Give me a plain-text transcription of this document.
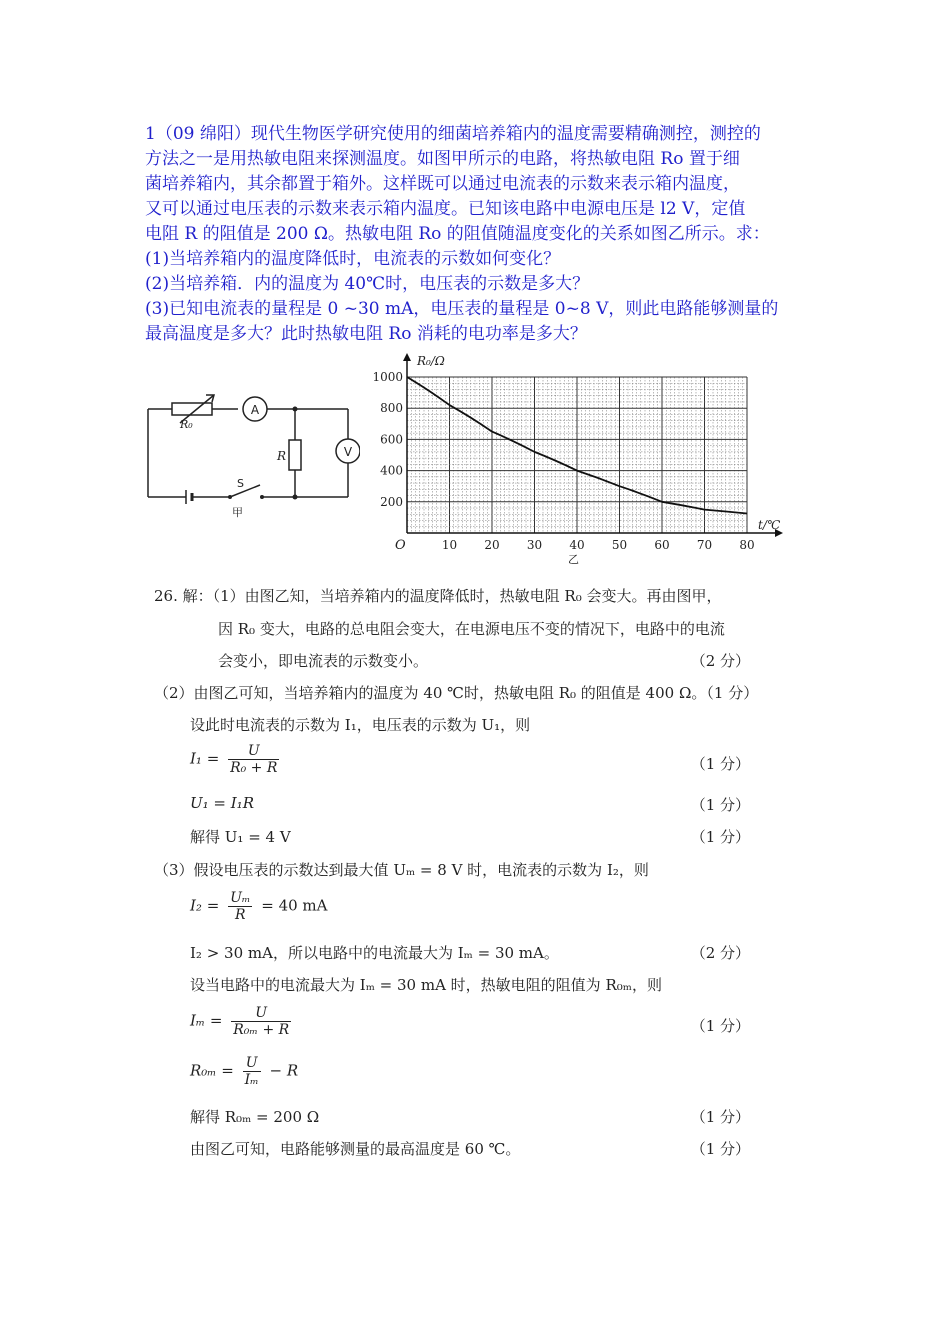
1（09 绵阳）现代生物医学研究使用的细菌培养箱内的温度需要精确测控，测控的
方法之一是用热敏电阻来探测温度。如图甲所示的电路，将热敏电阻 Ro 置于细
菌培养箱内，其余都置于箱外。这样既可以通过电流表的示数来表示箱内温度，
又可以通过电压表的示数来表示箱内温度。已知该电路中电源电压是 l2 V，定值
电阻 R 的阻值是 200 Ω。热敏电阻 Ro 的阻值随温度变化的关系如图乙所示。求：
(1)当培养箱内的温度降低时，电流表的示数如何变化？
(2)当培养箱．内的温度为 40℃时，电压表的示数是多大？
(3)已知电流表的量程是 0 ~30 mA，电压表的量程是 0~8 V，则此电路能够测量的
最高温度是多大？此时热敏电阻 Ro 消耗的电功率是多大？
R₀
A
V
R
S
甲
10 20 30 40 50 60 70 80
200
400
600
800
1000
R₀/Ω
t/℃
O
乙
26. 解：（1）由图乙知，当培养箱内的温度降低时，热敏电阻 R₀ 会变大。再由图甲，
因 R₀ 变大，电路的总电阻会变大，在电源电压不变的情况下，电路中的电流
会变小，即电流表的示数变小。	（2 分）
（2）由图乙可知，当培养箱内的温度为 40 ℃时，热敏电阻 R₀ 的阻值是 400 Ω。（1 分）
设此时电流表的示数为 I₁，电压表的示数为 U₁，则
$I_1 = \frac{U}{\text{R₀ + R}}$	（1 分）
U₁ = I₁R	（1 分）
解得 U₁ = 4 V	（1 分）
（3）假设电压表的示数达到最大值 Uₘ = 8 V 时，电流表的示数为 I₂，则
$I_2 = \frac{\text{Uₘ}}{R} = 40$ mA
I₂ > 30 mA，所以电路中的电流最大为 Iₘ = 30 mA。	（2 分）
设当电路中的电流最大为 Iₘ = 30 mA 时，热敏电阻的阻值为 R₀ₘ，则
$I_m = \frac{U}{\text{R₀ₘ + R}}$	（1 分）
$R_{0m} = \frac{U}{\text{Iₘ}} - R$
解得 R₀ₘ = 200 Ω	（1 分）
由图乙可知，电路能够测量的最高温度是 60 ℃。	（1 分）
